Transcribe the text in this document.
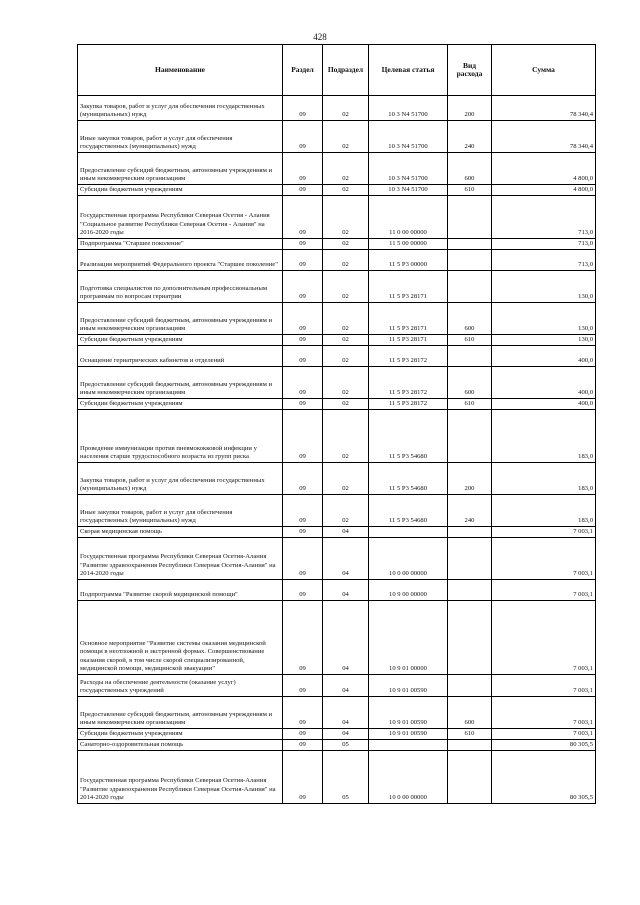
428
Наименование	Раздел	Подраздел	Целевая статья	Вид расхода	Сумма
Закупка товаров, работ и услуг для обеспечения государственных (муниципальных) нужд	09	02	10 3 N4 51700	200	78 340,4
Иные закупки товаров, работ и услуг для обеспечения государственных (муниципальных) нужд	09	02	10 3 N4 51700	240	78 340,4
Предоставление субсидий бюджетным, автономным учреждениям и иным некоммерческим организациям	09	02	10 3 N4 51700	600	4 800,0
Субсидии бюджетным учреждениям	09	02	10 3 N4 51700	610	4 800,0
Государственная программа Республики Северная Осетия - Алания "Социальное развитие Республики Северная Осетия - Алания" на 2016-2020 годы	09	02	11 0 00 00000		713,0
Подпрограмма "Старшее поколение"	09	02	11 5 00 00000		713,0
Реализация мероприятий Федерального проекта "Старшее поколение"	09	02	11 5 P3 00000		713,0
Подготовка специалистов по дополнительным профессиональным программам по вопросам гериатрии	09	02	11 5 P3 28171		130,0
Предоставление субсидий бюджетным, автономным учреждениям и иным некоммерческим организациям	09	02	11 5 P3 28171	600	130,0
Субсидии бюджетным учреждениям	09	02	11 5 P3 28171	610	130,0
Оснащение гериатрических кабинетов и отделений	09	02	11 5 P3 28172		400,0
Предоставление субсидий бюджетным, автономным учреждениям и иным некоммерческим организациям	09	02	11 5 P3 28172	600	400,0
Субсидии бюджетным учреждениям	09	02	11 5 P3 28172	610	400,0
Проведение иммунизации против пневмококковой инфекции у населения старше трудоспособного возраста из групп риска	09	02	11 5 P3 54680		183,0
Закупка товаров, работ и услуг для обеспечения государственных (муниципальных) нужд	09	02	11 5 P3 54680	200	183,0
Иные закупки товаров, работ и услуг для обеспечения государственных (муниципальных) нужд	09	02	11 5 P3 54680	240	183,0
Скорая медицинская помощь	09	04			7 003,1
Государственная программа Республики Северная Осетия-Алания "Развитие здравоохранения Республики Северная Осетия-Алания" на 2014-2020 годы	09	04	10 0 00 00000		7 003,1
Подпрограмма "Развитие скорой медицинской помощи"	09	04	10 9 00 00000		7 003,1
Основное мероприятие "Развитие системы оказания медицинской помощи в неотложной и экстренной формах. Совершенствование оказания скорой, в том числе скорой специализированной, медицинской помощи, медицинской эвакуации"	09	04	10 9 01 00000		7 003,1
Расходы на обеспечение деятельности (оказание услуг) государственных учреждений	09	04	10 9 01 00590		7 003,1
Предоставление субсидий бюджетным, автономным учреждениям и иным некоммерческим организациям	09	04	10 9 01 00590	600	7 003,1
Субсидии бюджетным учреждениям	09	04	10 9 01 00590	610	7 003,1
Санаторно-оздоровительная помощь	09	05			80 305,5
Государственная программа Республики Северная Осетия-Алания "Развитие здравоохранения Республики Северная Осетия-Алания" на 2014-2020 годы	09	05	10 0 00 00000		80 305,5
